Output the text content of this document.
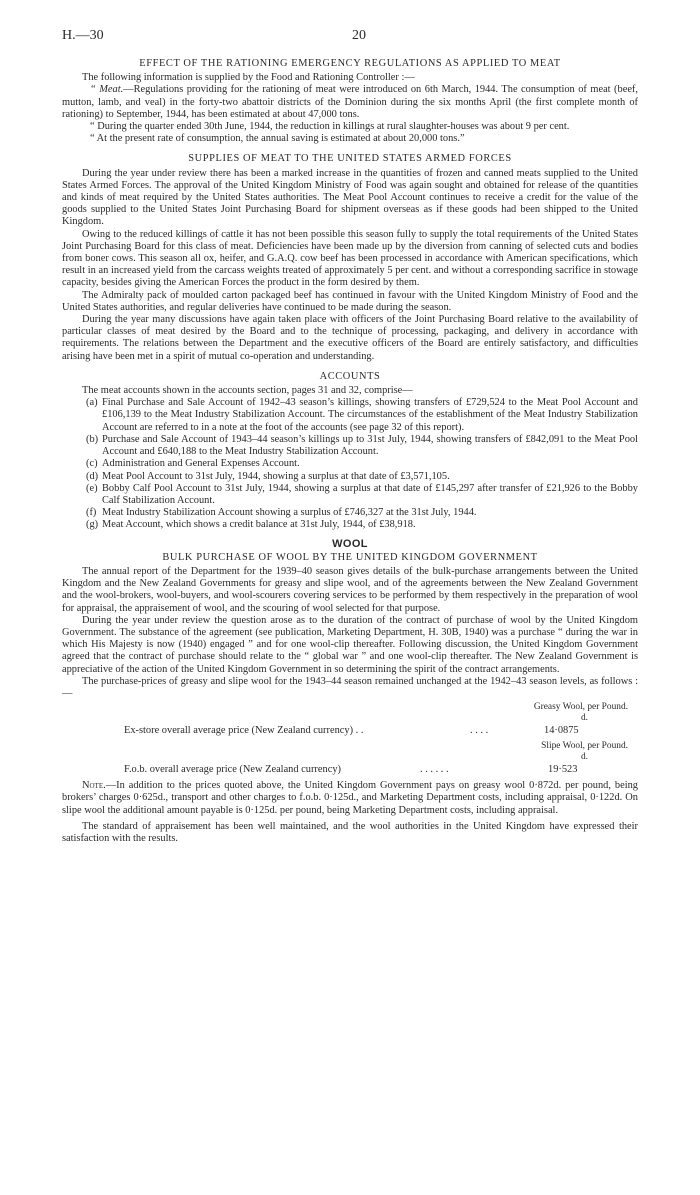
H.—30	20
EFFECT OF THE RATIONING EMERGENCY REGULATIONS AS APPLIED TO MEAT

The following information is supplied by the Food and Rationing Controller :—

“ Meat.—Regulations providing for the rationing of meat were introduced on 6th March, 1944. The consumption of meat (beef, mutton, lamb, and veal) in the forty-two abattoir districts of the Dominion during the six months April (the first complete month of rationing) to September, 1944, has been estimated at about 47,000 tons.

“ During the quarter ended 30th June, 1944, the reduction in killings at rural slaughter-houses was about 9 per cent.

“ At the present rate of consumption, the annual saving is estimated at about 20,000 tons.”

SUPPLIES OF MEAT TO THE UNITED STATES ARMED FORCES

During the year under review there has been a marked increase in the quantities of frozen and canned meats supplied to the United States Armed Forces. The approval of the United Kingdom Ministry of Food was again sought and obtained for release of the quantities and kinds of meat required by the United States authorities. The Meat Pool Account continues to receive a credit for the value of the goods supplied to the United States Joint Purchasing Board for shipment overseas as if these goods had been shipped to the United Kingdom.

Owing to the reduced killings of cattle it has not been possible this season fully to supply the total requirements of the United States Joint Purchasing Board for this class of meat. Deficiencies have been made up by the diversion from canning of selected cuts and bodies from boner cows. This season all ox, heifer, and G.A.Q. cow beef has been processed in accordance with American specifications, which result in an increased yield from the carcass weights treated of approximately 5 per cent. and without a corresponding sacrifice in stowage capacity, besides giving the American Forces the product in the form desired by them.

The Admiralty pack of moulded carton packaged beef has continued in favour with the United Kingdom Ministry of Food and the United States authorities, and regular deliveries have continued to be made during the season.

During the year many discussions have again taken place with officers of the Joint Purchasing Board relative to the availability of particular classes of meat desired by the Board and to the technique of processing, packaging, and delivery in accordance with requirements. The relations between the Department and the executive officers of the Board are entirely satisfactory, and difficulties arising have been met in a spirit of mutual co-operation and understanding.

ACCOUNTS

The meat accounts shown in the accounts section, pages 31 and 32, comprise—

(a) Final Purchase and Sale Account of 1942–43 season’s killings, showing transfers of £729,524 to the Meat Pool Account and £106,139 to the Meat Industry Stabilization Account. The circumstances of the establishment of the Meat Industry Stabilization Account are referred to in a note at the foot of the accounts (see page 32 of this report).
(b) Purchase and Sale Account of 1943–44 season’s killings up to 31st July, 1944, showing transfers of £842,091 to the Meat Pool Account and £640,188 to the Meat Industry Stabilization Account.
(c) Administration and General Expenses Account.
(d) Meat Pool Account to 31st July, 1944, showing a surplus at that date of £3,571,105.
(e) Bobby Calf Pool Account to 31st July, 1944, showing a surplus at that date of £145,297 after transfer of £21,926 to the Bobby Calf Stabilization Account.
(f) Meat Industry Stabilization Account showing a surplus of £746,327 at the 31st July, 1944.
(g) Meat Account, which shows a credit balance at 31st July, 1944, of £38,918.
WOOL
BULK PURCHASE OF WOOL BY THE UNITED KINGDOM GOVERNMENT

The annual report of the Department for the 1939–40 season gives details of the bulk-purchase arrangements between the United Kingdom and the New Zealand Governments for greasy and slipe wool, and of the agreements between the New Zealand Government and the wool-brokers, wool-buyers, and wool-scourers covering services to be performed by them respectively in the preparation of wool for appraisal, the appraisement of wool, and the scouring of wool selected for that purpose.

During the year under review the question arose as to the duration of the contract of purchase of wool by the United Kingdom Government. The substance of the agreement (see publication, Marketing Department, H. 30B, 1940) was a purchase “ during the war in which His Majesty is now (1940) engaged ” and for one wool-clip thereafter. Following discussion, the United Kingdom Government agreed that the contract of purchase should relate to the “ global war ” and one wool-clip thereafter. The New Zealand Government is appreciative of the action of the United Kingdom Government in so determining the spirit of the contract arrangements.

The purchase-prices of greasy and slipe wool for the 1943–44 season remained unchanged at the 1942–43 season levels, as follows :—

Greasy Wool, per Pound.
d.
Ex-store overall average price (New Zealand currency) . .	. . . .	14·0875
Slipe Wool, per Pound.
d.
F.o.b. overall average price (New Zealand currency)	. . . . . .	19·523

Note.—In addition to the prices quoted above, the United Kingdom Government pays on greasy wool 0·872d. per pound, being brokers’ charges 0·625d., transport and other charges to f.o.b. 0·125d., and Marketing Department costs, including appraisal, 0·122d. On slipe wool the additional amount payable is 0·125d. per pound, being Marketing Department costs, including appraisal.

The standard of appraisement has been well maintained, and the wool authorities in the United Kingdom have expressed their satisfaction with the results.
